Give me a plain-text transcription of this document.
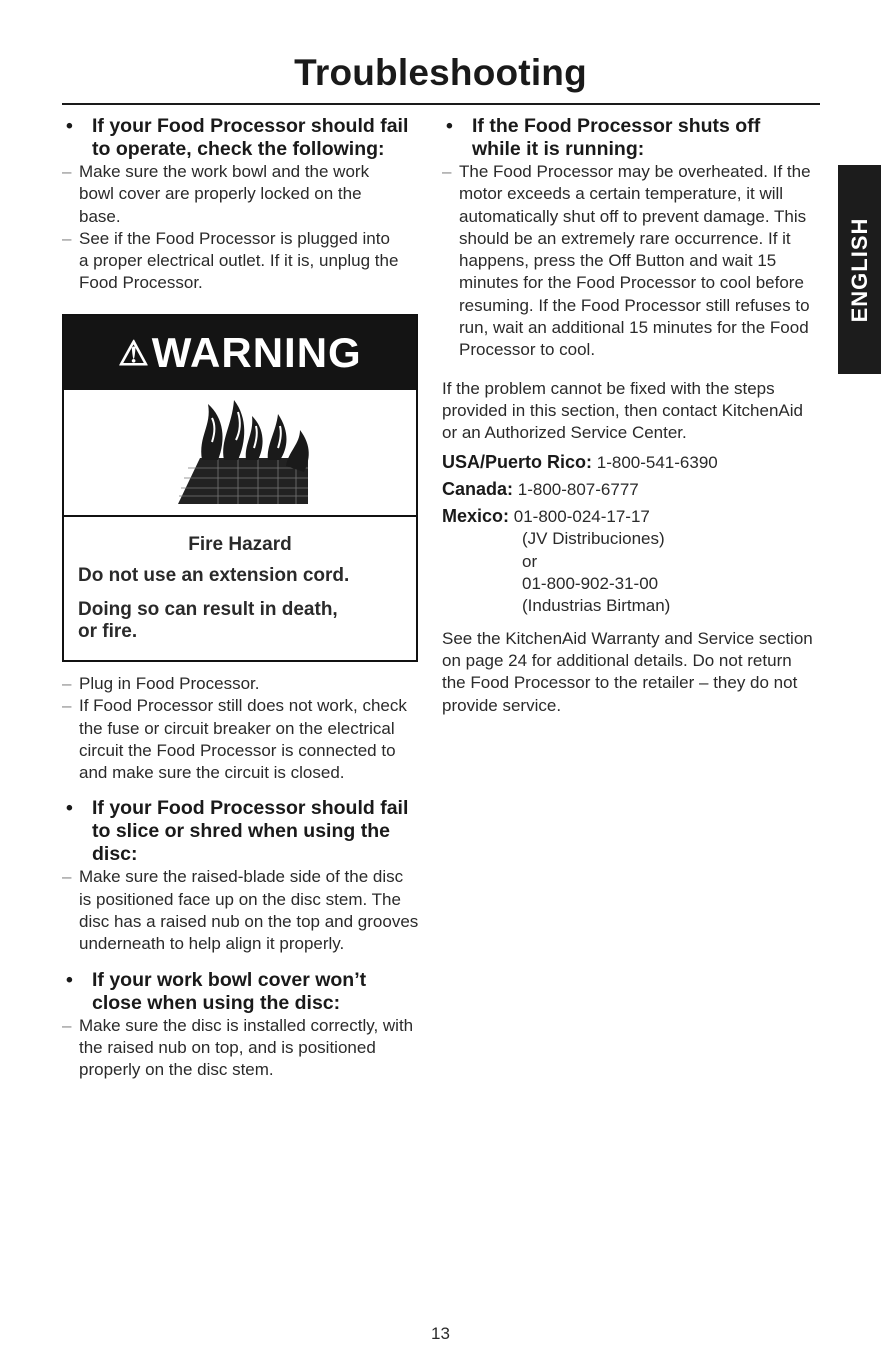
Troubleshooting
• If your Food Processor should fail to operate, check the following:
– Make sure the work bowl and the work bowl cover are properly locked on the base.
– See if the Food Processor is plugged into a proper electrical outlet. If it is, unplug the Food Processor.
⚠WARNING
Fire Hazard
Do not use an extension cord.
Doing so can result in death,
or fire.
– Plug in Food Processor.
– If Food Processor still does not work, check the fuse or circuit breaker on the electrical circuit the Food Processor is connected to and make sure the circuit is closed.
• If your Food Processor should fail to slice or shred when using the disc:
– Make sure the raised-blade side of the disc is positioned face up on the disc stem. The disc has a raised nub on the top and grooves underneath to help align it properly.
• If your work bowl cover won’t close when using the disc:
– Make sure the disc is installed correctly, with the raised nub on top, and is positioned properly on the disc stem.
• If the Food Processor shuts off while it is running:
– The Food Processor may be overheated. If the motor exceeds a certain temperature, it will automatically shut off to prevent damage. This should be an extremely rare occurrence. If it happens, press the Off Button and wait 15 minutes for the Food Processor to cool before resuming. If the Food Processor still refuses to run, wait an additional 15 minutes for the Food Processor to cool.

If the problem cannot be fixed with the steps provided in this section, then contact KitchenAid or an Authorized Service Center.

USA/Puerto Rico: 1-800-541-6390
Canada: 1-800-807-6777
Mexico: 01-800-024-17-17
(JV Distribuciones)
or
01-800-902-31-00
(Industrias Birtman)

See the KitchenAid Warranty and Service section on page 24 for additional details. Do not return the Food Processor to the retailer – they do not provide service.

ENGLISH
13
